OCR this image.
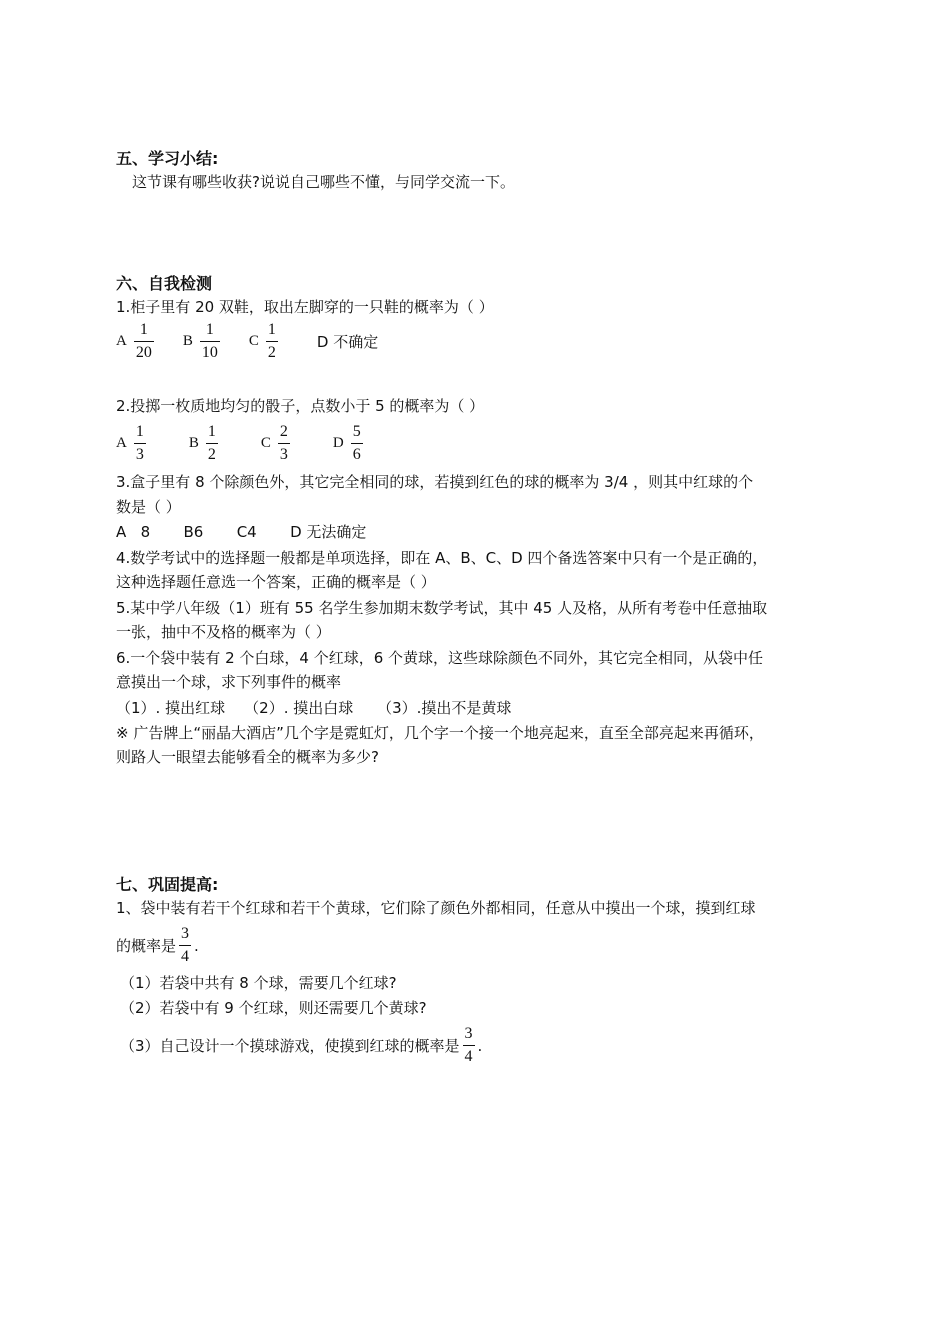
五、学习小结:
这节课有哪些收获?说说自己哪些不懂，与同学交流一下。
六、自我检测
1.柜子里有 20 双鞋，取出左脚穿的一只鞋的概率为（ ）
A $\frac{1}{20}$ B $\frac{1}{10}$ C $\frac{1}{2}$	D 不确定
2.投掷一枚质地均匀的骰子，点数小于 5 的概率为（ ）
A $\frac{1}{3}$	B $\frac{1}{2}$	C $\frac{2}{3}$	D $\frac{5}{6}$
3.盒子里有 8 个除颜色外，其它完全相同的球，若摸到红色的球的概率为 3/4 ，则其中红球的个
数是（ ）
A   8       B6       C4       D 无法确定
4.数学考试中的选择题一般都是单项选择，即在 A、B、C、D 四个备选答案中只有一个是正确的，
这种选择题任意选一个答案，正确的概率是（ ）
5.某中学八年级（1）班有 55 名学生参加期末数学考试，其中 45 人及格，从所有考卷中任意抽取
一张，抽中不及格的概率为（ ）
6.一个袋中装有 2 个白球，4 个红球，6 个黄球，这些球除颜色不同外，其它完全相同，从袋中任
意摸出一个球，求下列事件的概率
（1）. 摸出红球    （2）. 摸出白球     （3）.摸出不是黄球
※ 广告牌上“丽晶大酒店”几个字是霓虹灯，几个字一个接一个地亮起来，直至全部亮起来再循环，
则路人一眼望去能够看全的概率为多少?
七、巩固提高:
1、袋中装有若干个红球和若干个黄球，它们除了颜色外都相同，任意从中摸出一个球，摸到红球
的概率是 $\frac{3}{4}$ .
（1）若袋中共有 8 个球，需要几个红球?
（2）若袋中有 9 个红球，则还需要几个黄球?
（3）自己设计一个摸球游戏，使摸到红球的概率是 $\frac{3}{4}$ .
